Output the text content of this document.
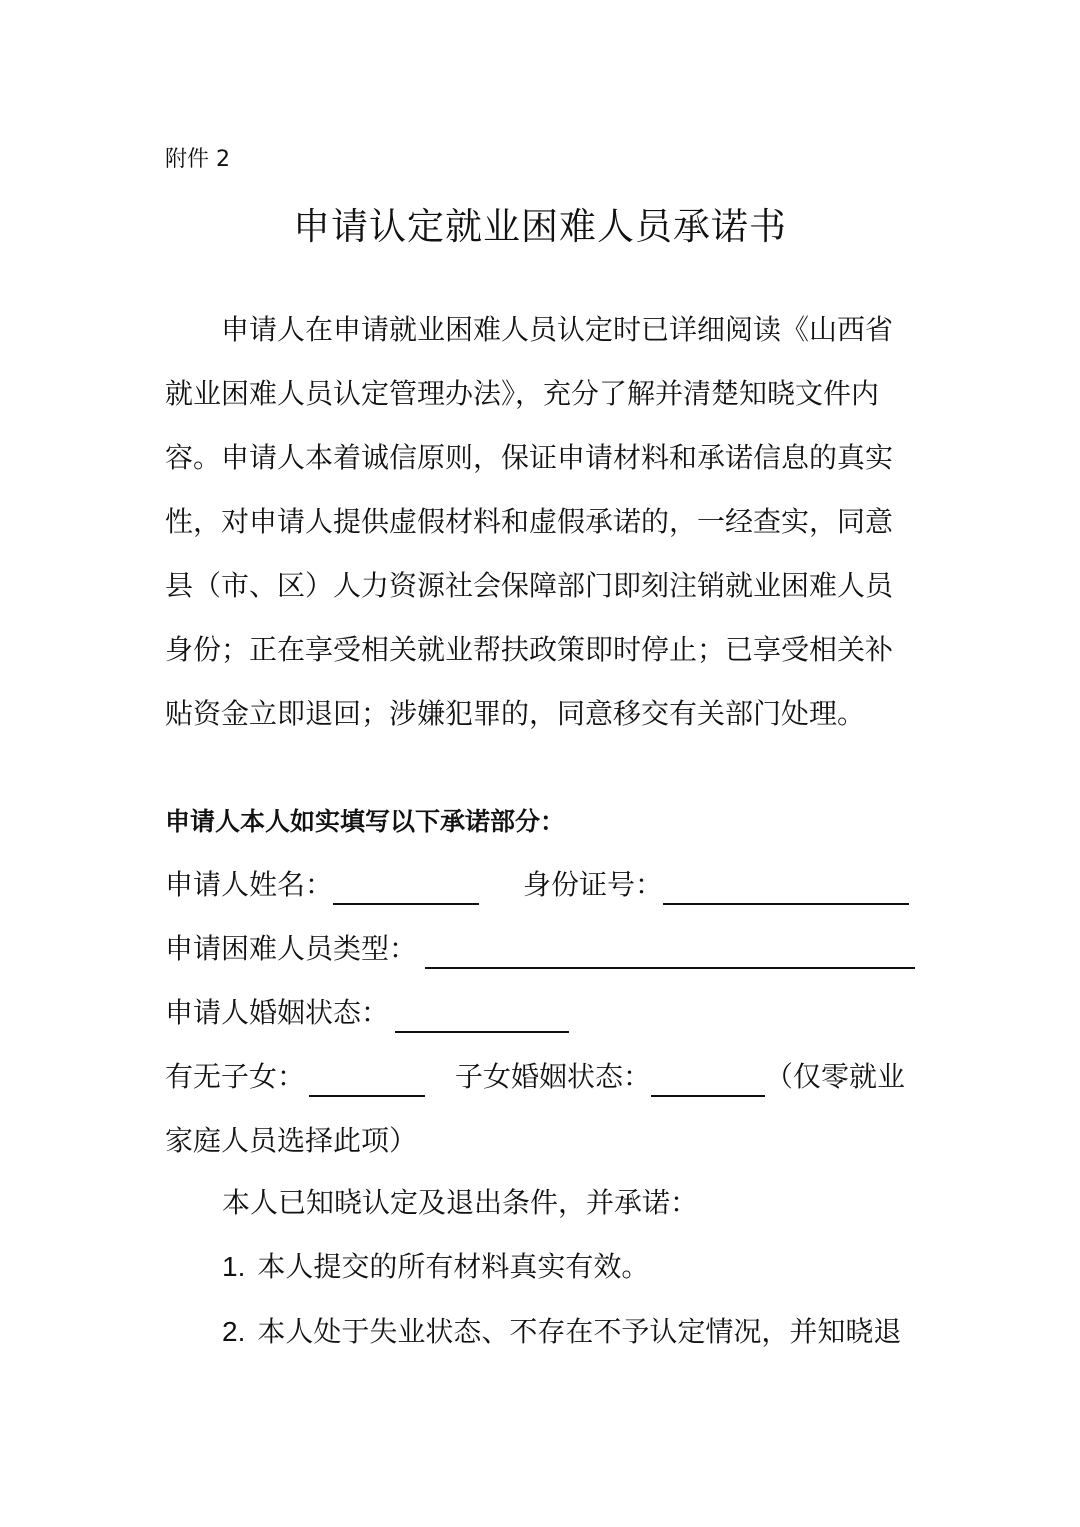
附件 2
申请认定就业困难人员承诺书
申请人在申请就业困难人员认定时已详细阅读《山西省
就业困难人员认定管理办法》，充分了解并清楚知晓文件内
容。申请人本着诚信原则，保证申请材料和承诺信息的真实
性，对申请人提供虚假材料和虚假承诺的，一经查实，同意
县（市、区）人力资源社会保障部门即刻注销就业困难人员
身份；正在享受相关就业帮扶政策即时停止；已享受相关补
贴资金立即退回；涉嫌犯罪的，同意移交有关部门处理。
申请人本人如实填写以下承诺部分：
申请人姓名：	身份证号：
申请困难人员类型：
申请人婚姻状态：
有无子女：	子女婚姻状态：	（仅零就业
家庭人员选择此项）
本人已知晓认定及退出条件，并承诺：
1. 本人提交的所有材料真实有效。
2. 本人处于失业状态、不存在不予认定情况，并知晓退
